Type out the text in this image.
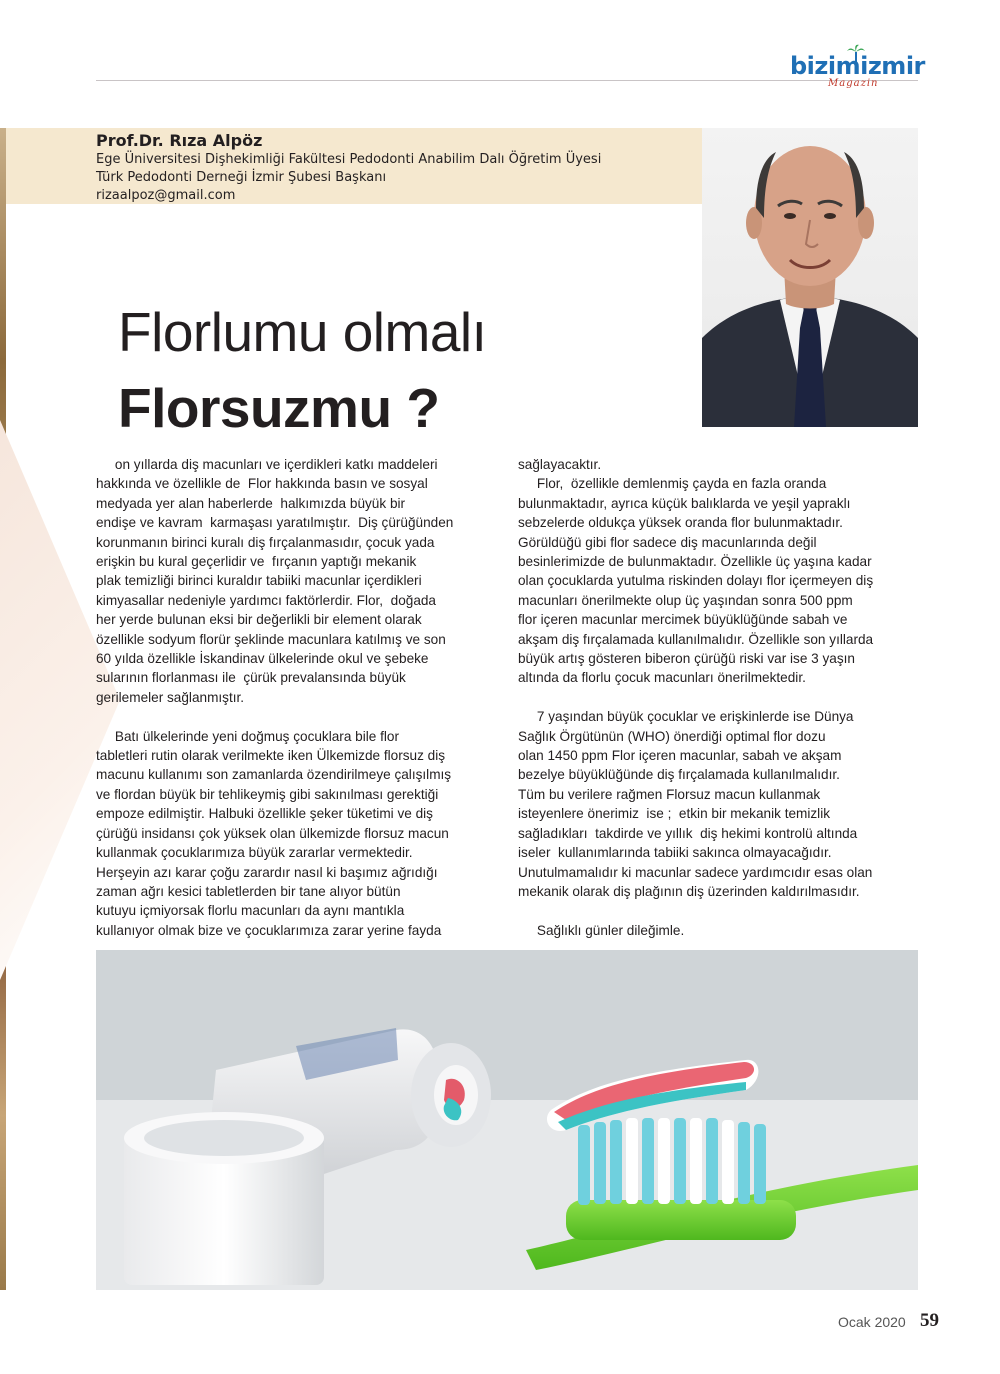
bizimizmir
Magazin
Prof.Dr. Rıza Alpöz
Ege Üniversitesi Dişhekimliği Fakültesi Pedodonti Anabilim Dalı Öğretim Üyesi
Türk Pedodonti Derneği İzmir Şubesi Başkanı
rizaalpoz@gmail.com
Florlumu olmalı
Florsuzmu ?

on yıllarda diş macunları ve içerdikleri katkı maddeleri

hakkında ve özellikle de  Flor hakkında basın ve sosyal

medyada yer alan haberlerde  halkımızda büyük bir

endişe ve kavram  karmaşası yaratılmıştır.  Diş çürüğünden

korunmanın birinci kuralı diş fırçalanmasıdır, çocuk yada

erişkin bu kural geçerlidir ve  fırçanın yaptığı mekanik

plak temizliği birinci kuraldır tabiiki macunlar içerdikleri

kimyasallar nedeniyle yardımcı faktörlerdir. Flor,  doğada

her yerde bulunan eksi bir değerlikli bir element olarak

özellikle sodyum florür şeklinde macunlara katılmış ve son

60 yılda özellikle İskandinav ülkelerinde okul ve şebeke

sularının florlanması ile  çürük prevalansında büyük

gerilemeler sağlanmıştır.

Batı ülkelerinde yeni doğmuş çocuklara bile flor

tabletleri rutin olarak verilmekte iken Ülkemizde florsuz diş

macunu kullanımı son zamanlarda özendirilmeye çalışılmış

ve flordan büyük bir tehlikeymiş gibi sakınılması gerektiği

empoze edilmiştir. Halbuki özellikle şeker tüketimi ve diş

çürüğü insidansı çok yüksek olan ülkemizde florsuz macun

kullanmak çocuklarımıza büyük zararlar vermektedir.

Herşeyin azı karar çoğu zarardır nasıl ki başımız ağrıdığı

zaman ağrı kesici tabletlerden bir tane alıyor bütün

kutuyu içmiyorsak florlu macunları da aynı mantıkla

kullanıyor olmak bize ve çocuklarımıza zarar yerine fayda

sağlayacaktır.

Flor,  özellikle demlenmiş çayda en fazla oranda

bulunmaktadır, ayrıca küçük balıklarda ve yeşil yapraklı

sebzelerde oldukça yüksek oranda flor bulunmaktadır.

Görüldüğü gibi flor sadece diş macunlarında değil

besinlerimizde de bulunmaktadır. Özellikle üç yaşına kadar

olan çocuklarda yutulma riskinden dolayı flor içermeyen diş

macunları önerilmekte olup üç yaşından sonra 500 ppm

flor içeren macunlar mercimek büyüklüğünde sabah ve

akşam diş fırçalamada kullanılmalıdır. Özellikle son yıllarda

büyük artış gösteren biberon çürüğü riski var ise 3 yaşın

altında da florlu çocuk macunları önerilmektedir.

7 yaşından büyük çocuklar ve erişkinlerde ise Dünya

Sağlık Örgütünün (WHO) önerdiği optimal flor dozu

olan 1450 ppm Flor içeren macunlar, sabah ve akşam

bezelye büyüklüğünde diş fırçalamada kullanılmalıdır.

Tüm bu verilere rağmen Florsuz macun kullanmak

isteyenlere önerimiz  ise ;  etkin bir mekanik temizlik

sağladıkları  takdirde ve yıllık  diş hekimi kontrolü altında

iseler  kullanımlarında tabiiki sakınca olmayacağıdır.

Unutulmamalıdır ki macunlar sadece yardımcıdır esas olan

mekanik olarak diş plağının diş üzerinden kaldırılmasıdır.

Sağlıklı günler dileğimle.

Ocak 2020 59
